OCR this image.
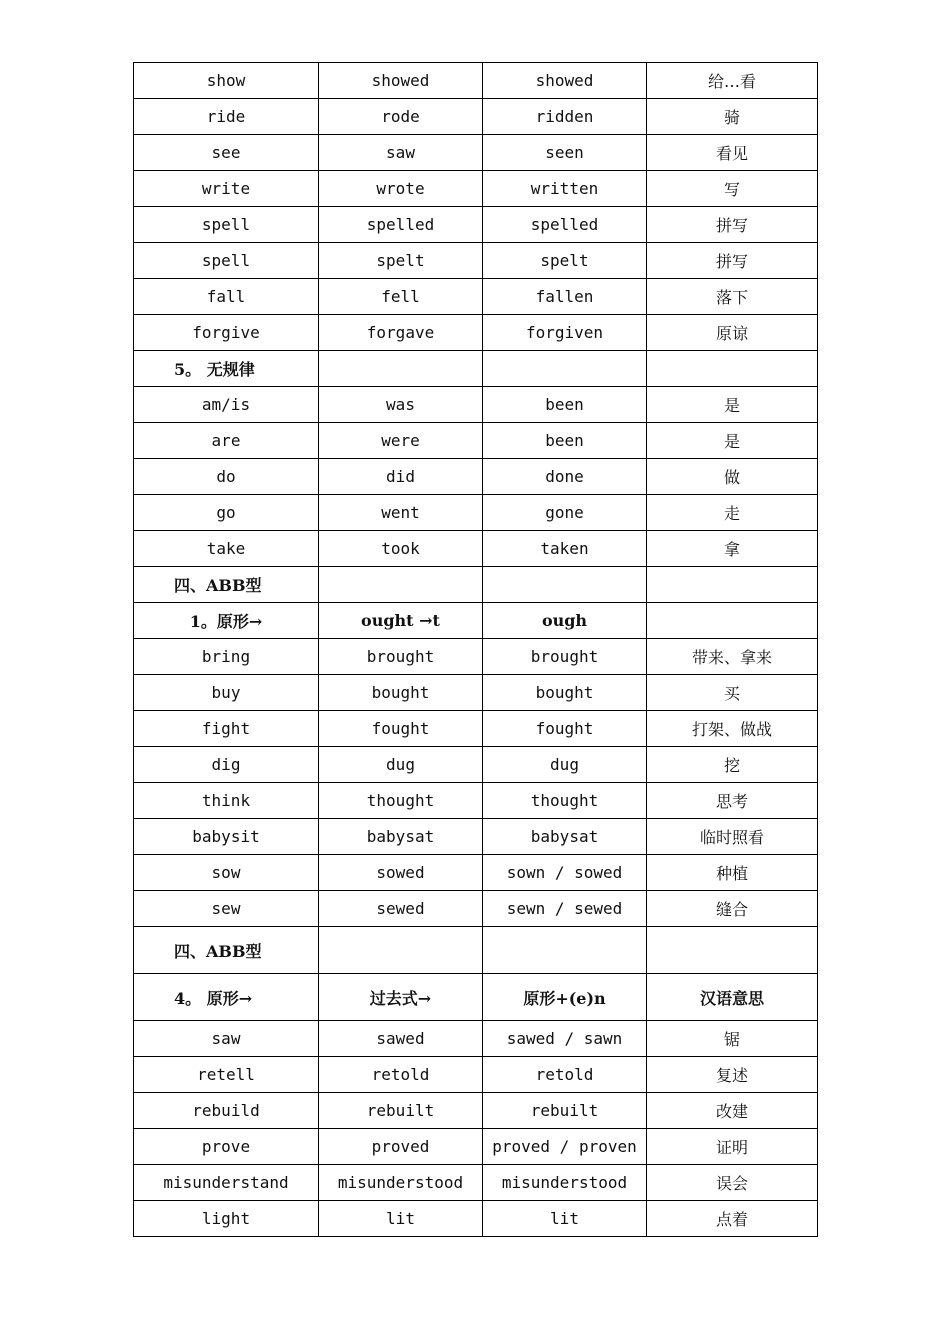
show	showed	showed	给…看
ride	rode	ridden	骑
see	saw	seen	看见
write	wrote	written	写
spell	spelled	spelled	拼写
spell	spelt	spelt	拼写
fall	fell	fallen	落下
forgive	forgave	forgiven	原谅
5。 无规律			
am/is	was	been	是
are	were	been	是
do	did	done	做
go	went	gone	走
take	took	taken	拿
四、ABB型			
1。原形→	ought →t	ough	
bring	brought	brought	带来、拿来
buy	bought	bought	买
fight	fought	fought	打架、做战
dig	dug	dug	挖
think	thought	thought	思考
babysit	babysat	babysat	临时照看
sow	sowed	sown / sowed	种植
sew	sewed	sewn / sewed	缝合
四、ABB型			
4。 原形→	过去式→	原形+(e)n	汉语意思
saw	sawed	sawed / sawn	锯
retell	retold	retold	复述
rebuild	rebuilt	rebuilt	改建
prove	proved	proved / proven	证明
misunderstand	misunderstood	misunderstood	误会
light	lit	lit	点着
